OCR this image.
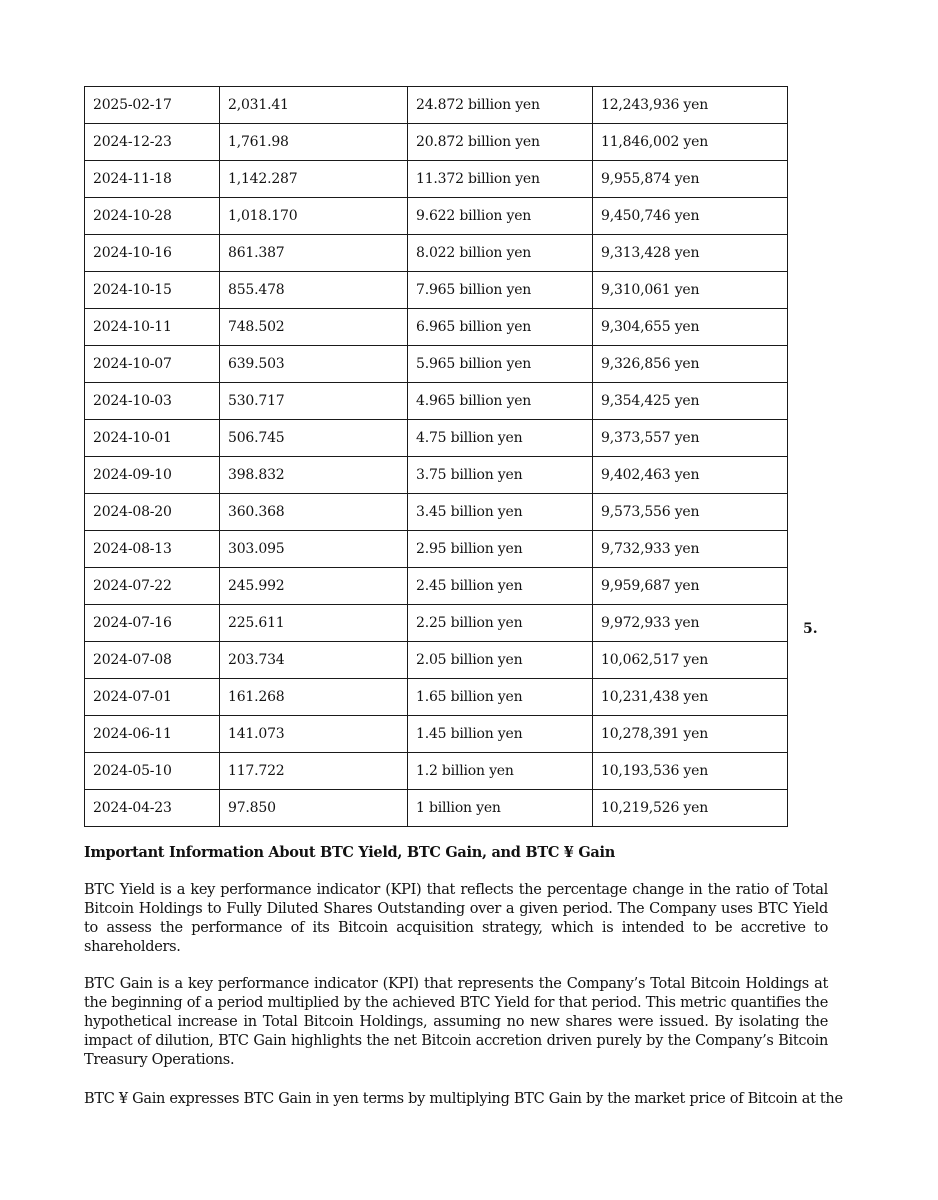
2025-02-17	2,031.41	24.872 billion yen	12,243,936 yen
2024-12-23	1,761.98	20.872 billion yen	11,846,002 yen
2024-11-18	1,142.287	11.372 billion yen	9,955,874 yen
2024-10-28	1,018.170	9.622 billion yen	9,450,746 yen
2024-10-16	861.387	8.022 billion yen	9,313,428 yen
2024-10-15	855.478	7.965 billion yen	9,310,061 yen
2024-10-11	748.502	6.965 billion yen	9,304,655 yen
2024-10-07	639.503	5.965 billion yen	9,326,856 yen
2024-10-03	530.717	4.965 billion yen	9,354,425 yen
2024-10-01	506.745	4.75 billion yen	9,373,557 yen
2024-09-10	398.832	3.75 billion yen	9,402,463 yen
2024-08-20	360.368	3.45 billion yen	9,573,556 yen
2024-08-13	303.095	2.95 billion yen	9,732,933 yen
2024-07-22	245.992	2.45 billion yen	9,959,687 yen
2024-07-16	225.611	2.25 billion yen	9,972,933 yen
2024-07-08	203.734	2.05 billion yen	10,062,517 yen
2024-07-01	161.268	1.65 billion yen	10,231,438 yen
2024-06-11	141.073	1.45 billion yen	10,278,391 yen
2024-05-10	117.722	1.2 billion yen	10,193,536 yen
2024-04-23	97.850	1 billion yen	10,219,526 yen
5.
Important Information About BTC Yield, BTC Gain, and BTC ¥ Gain

BTC Yield is a key performance indicator (KPI) that reflects the percentage change in the ratio of Total Bitcoin Holdings to Fully Diluted Shares Outstanding over a given period. The Company uses BTC Yield to assess the performance of its Bitcoin acquisition strategy, which is intended to be accretive to shareholders.

BTC Gain is a key performance indicator (KPI) that represents the Company’s Total Bitcoin Holdings at the beginning of a period multiplied by the achieved BTC Yield for that period. This metric quantifies the hypothetical increase in Total Bitcoin Holdings, assuming no new shares were issued. By isolating the impact of dilution, BTC Gain highlights the net Bitcoin accretion driven purely by the Company’s Bitcoin Treasury Operations.

BTC ¥ Gain expresses BTC Gain in yen terms by multiplying BTC Gain by the market price of Bitcoin at the
